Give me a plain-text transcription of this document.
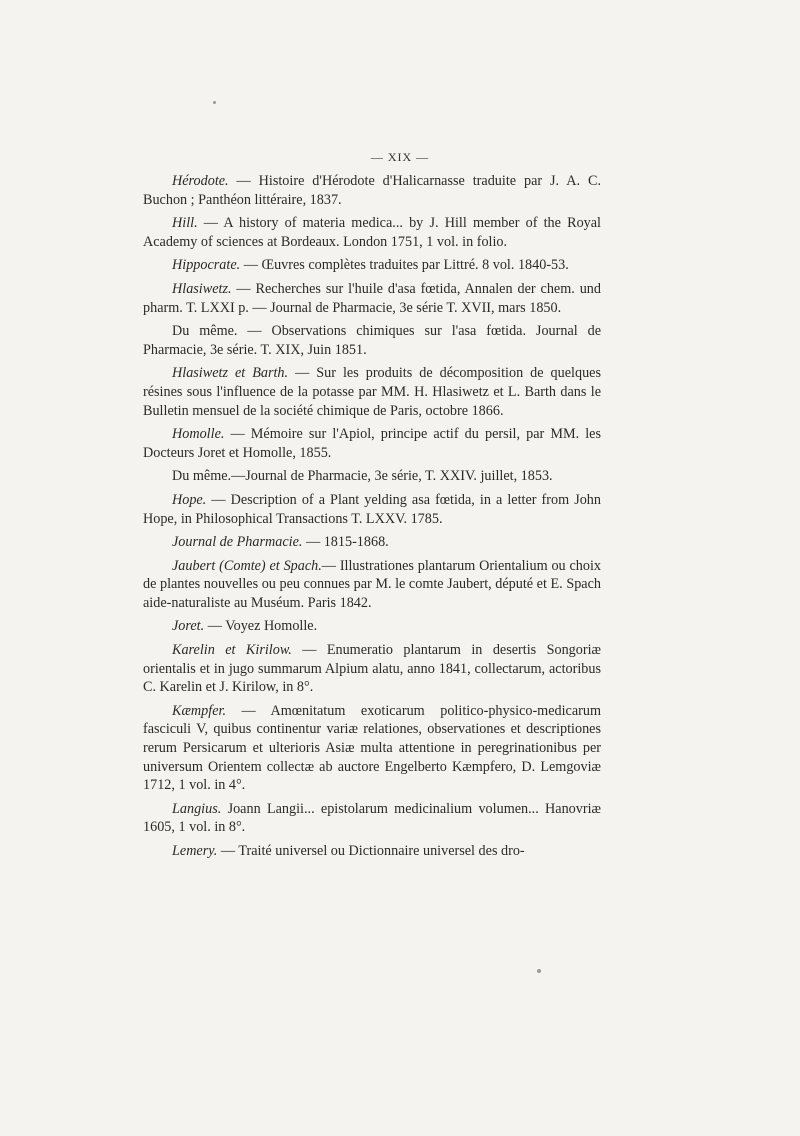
— XIX —

Hérodote. — Histoire d'Hérodote d'Halicarnasse traduite par J. A. C. Buchon ; Panthéon littéraire, 1837.

Hill. — A history of materia medica... by J. Hill member of the Royal Academy of sciences at Bordeaux. London 1751, 1 vol. in folio.

Hippocrate. — Œuvres complètes traduites par Littré. 8 vol. 1840-53.

Hlasiwetz. — Recherches sur l'huile d'asa fœtida, Annalen der chem. und pharm. T. LXXI p. — Journal de Pharmacie, 3e série T. XVII, mars 1850.

Du même. — Observations chimiques sur l'asa fœtida. Journal de Pharmacie, 3e série. T. XIX, Juin 1851.

Hlasiwetz et Barth. — Sur les produits de décomposition de quelques résines sous l'influence de la potasse par MM. H. Hlasiwetz et L. Barth dans le Bulletin mensuel de la société chimique de Paris, octobre 1866.

Homolle. — Mémoire sur l'Apiol, principe actif du persil, par MM. les Docteurs Joret et Homolle, 1855.

Du même.—Journal de Pharmacie, 3e série, T. XXIV. juillet, 1853.

Hope. — Description of a Plant yelding asa fœtida, in a letter from John Hope, in Philosophical Transactions T. LXXV. 1785.

Journal de Pharmacie. — 1815-1868.

Jaubert (Comte) et Spach.— Illustrationes plantarum Orientalium ou choix de plantes nouvelles ou peu connues par M. le comte Jaubert, député et E. Spach aide-naturaliste au Muséum. Paris 1842.

Joret. — Voyez Homolle.

Karelin et Kirilow. — Enumeratio plantarum in desertis Songoriæ orientalis et in jugo summarum Alpium alatu, anno 1841, collectarum, actoribus C. Karelin et J. Kirilow, in 8°.

Kæmpfer. — Amœnitatum exoticarum politico-physico-medicarum fasciculi V, quibus continentur variæ relationes, observationes et descriptiones rerum Persicarum et ulterioris Asiæ multa attentione in peregrinationibus per universum Orientem collectæ ab auctore Engelberto Kæmpfero, D. Lemgoviæ 1712, 1 vol. in 4°.

Langius. Joann Langii... epistolarum medicinalium volumen... Hanovriæ 1605, 1 vol. in 8°.

Lemery. — Traité universel ou Dictionnaire universel des dro-
